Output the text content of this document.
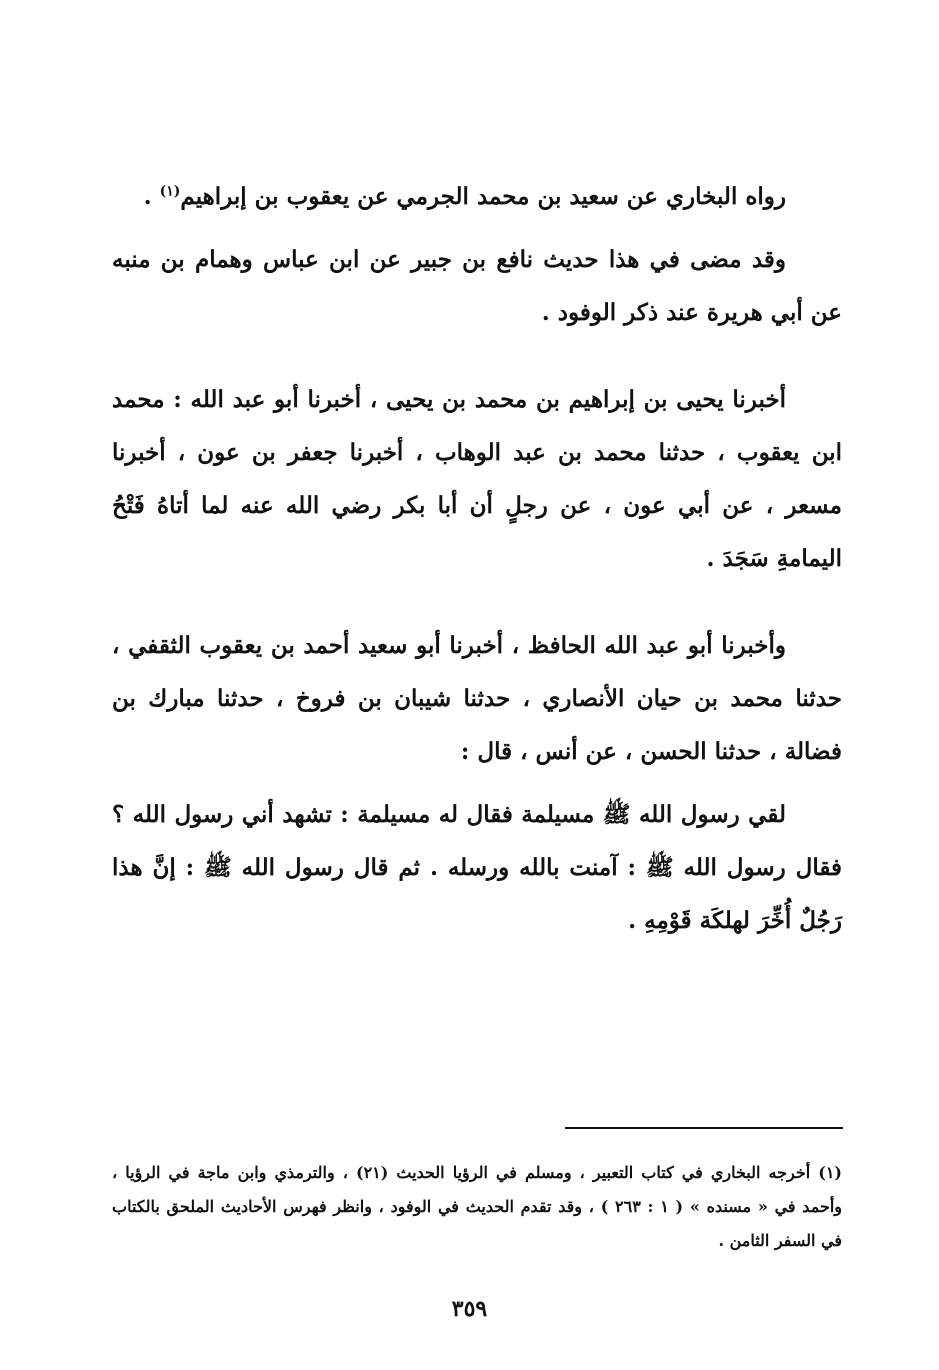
رواه البخاري عن سعيد بن محمد الجرمي عن يعقوب بن إبراهيم$^{(١)}$ .

وقد مضى في هذا حديث نافع بن جبير عن ابن عباس وهمام بن منبه عن أبي هريرة عند ذكر الوفود .

أخبرنا يحيى بن إبراهيم بن محمد بن يحيى ، أخبرنا أبو عبد الله : محمد ابن يعقوب ، حدثنا محمد بن عبد الوهاب ، أخبرنا جعفر بن عون ، أخبرنا مسعر ، عن أبي عون ، عن رجلٍ أن أبا بكر رضي الله عنه لما أتاهُ فَتْحُ اليمامةِ سَجَدَ .

وأخبرنا أبو عبد الله الحافظ ، أخبرنا أبو سعيد أحمد بن يعقوب الثقفي ، حدثنا محمد بن حيان الأنصاري ، حدثنا شيبان بن فروخ ، حدثنا مبارك بن فضالة ، حدثنا الحسن ، عن أنس ، قال :

لقي رسول الله ﷺ مسيلمة فقال له مسيلمة : تشهد أني رسول الله ؟ فقال رسول الله ﷺ : آمنت بالله ورسله . ثم قال رسول الله ﷺ : إنَّ هذا رَجُلٌ أُخِّرَ لهلكَة قَوْمِهِ .

(١) أخرجه البخاري في كتاب التعبير ، ومسلم في الرؤيا الحديث (٢١) ، والترمذي وابن ماجة في الرؤيا ، وأحمد في « مسنده » ( ١ : ٢٦٣ ) ، وقد تقدم الحديث في الوفود ، وانظر فهرس الأحاديث الملحق بالكتاب في السفر الثامن .
٣٥٩
